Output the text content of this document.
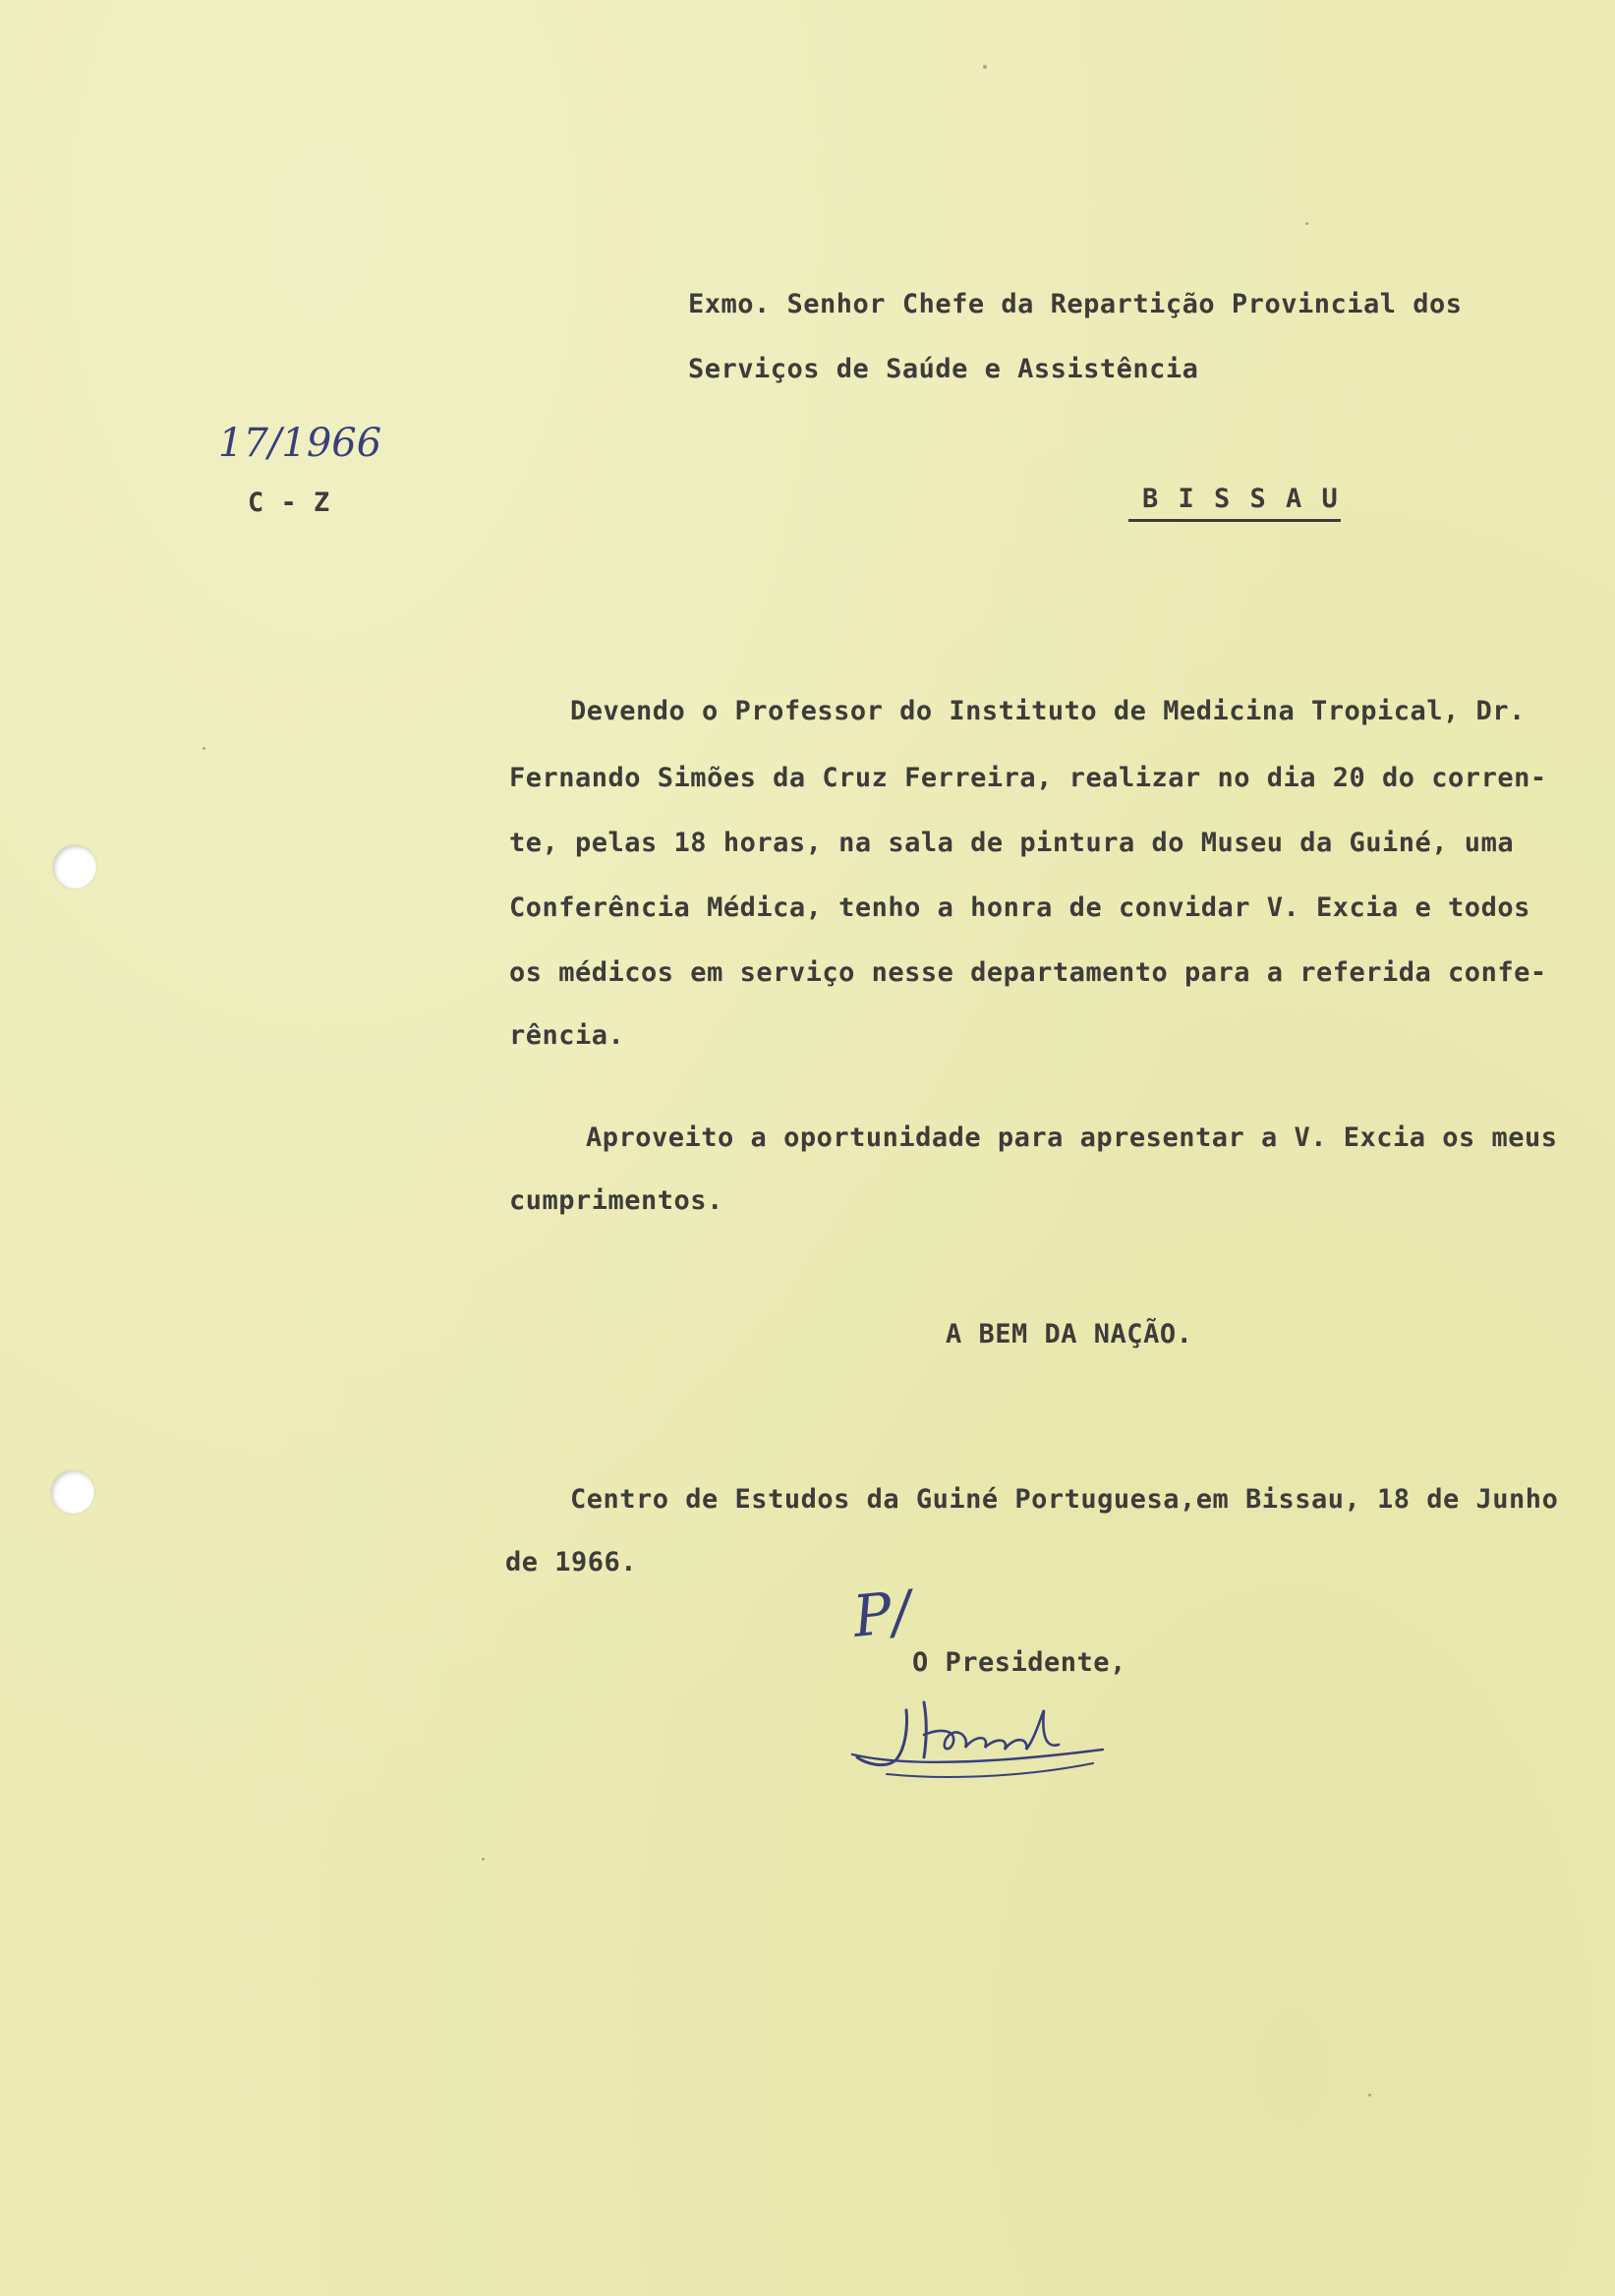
Exmo. Senhor Chefe da Repartição Provincial dos
Serviços de Saúde e Assistência
17/1966
C - Z	B I S S A U
Devendo o Professor do Instituto de Medicina Tropical, Dr.
Fernando Simões da Cruz Ferreira, realizar no dia 20 do corren-
te, pelas 18 horas, na sala de pintura do Museu da Guiné, uma
Conferência Médica, tenho a honra de convidar V. Excia e todos
os médicos em serviço nesse departamento para a referida confe-
rência.
Aproveito a oportunidade para apresentar a V. Excia os meus
cumprimentos.
A BEM DA NAÇÃO.
Centro de Estudos da Guiné Portuguesa,em Bissau, 18 de Junho
de 1966.
P/
O Presidente,
